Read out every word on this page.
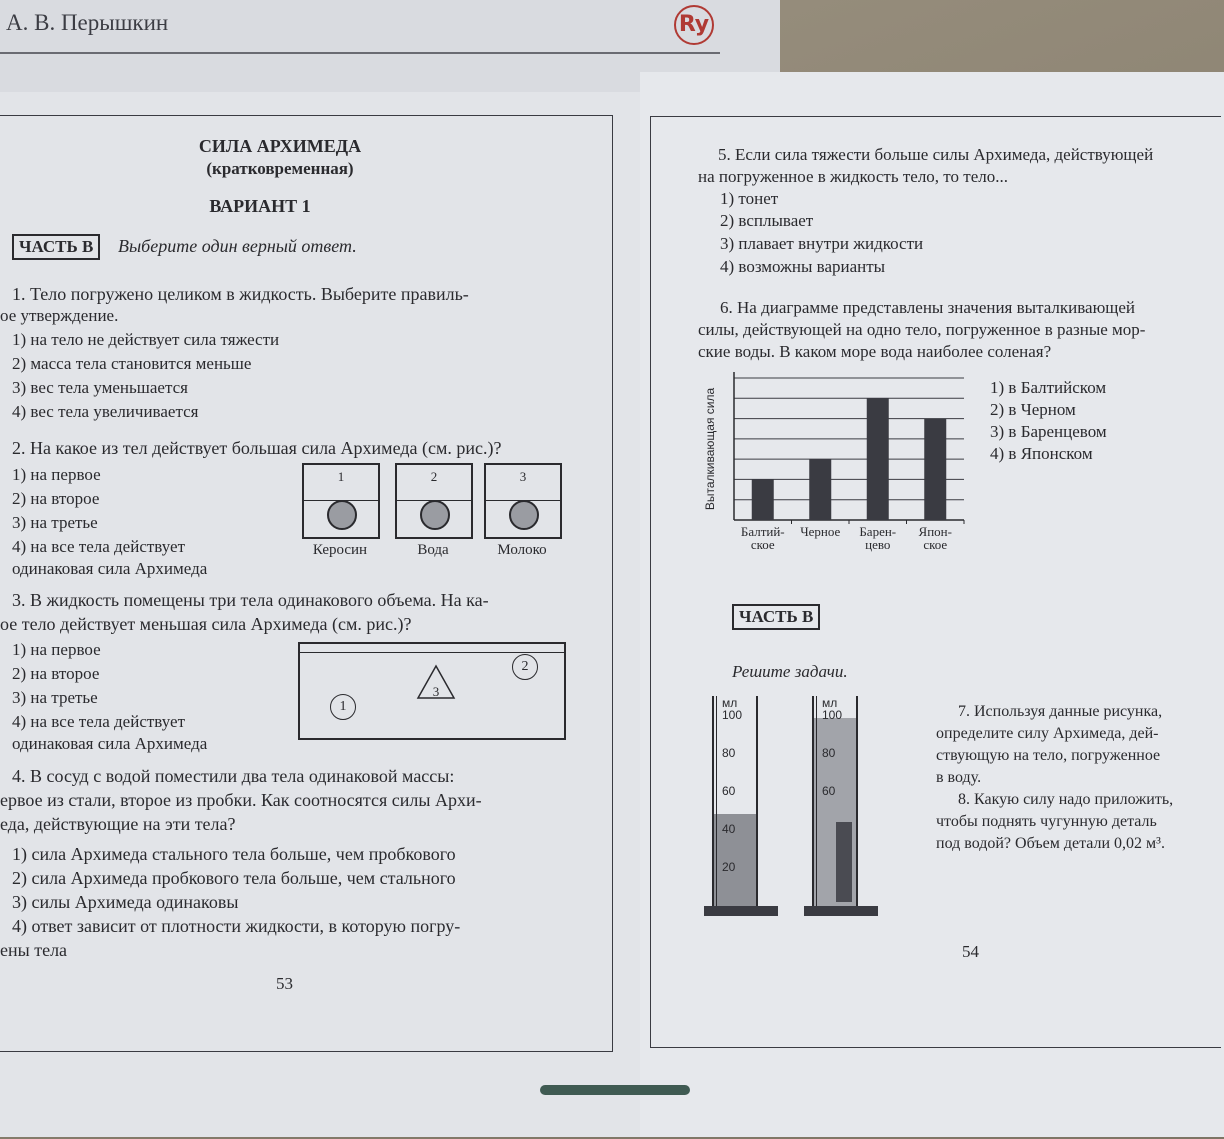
А. В. Перышкин	Ry
СИЛА АРХИМЕДА
(кратковременная)
ВАРИАНТ 1
ЧАСТЬ В	Выберите один верный ответ.
1. Тело погружено целиком в жидкость. Выберите правиль-
ое утверждение.
1) на тело не действует сила тяжести
2) масса тела становится меньше
3) вес тела уменьшается
4) вес тела увеличивается
2. На какое из тел действует большая сила Архимеда (см. рис.)?
1) на первое
2) на второе
3) на третье
4) на все тела действует
одинаковая сила Архимеда
1	2	3
Керосин	Вода	Молоко
3. В жидкость помещены три тела одинакового объема. На ка-
ое тело действует меньшая сила Архимеда (см. рис.)?
1) на первое
2) на второе
3) на третье
4) на все тела действует
одинаковая сила Архимеда
1
2
3
4. В сосуд с водой поместили два тела одинаковой массы:
ервое из стали, второе из пробки. Как соотносятся силы Архи-
еда, действующие на эти тела?
1) сила Архимеда стального тела больше, чем пробкового
2) сила Архимеда пробкового тела больше, чем стального
3) силы Архимеда одинаковы
4) ответ зависит от плотности жидкости, в которую погру-
ены тела
53
5. Если сила тяжести больше силы Архимеда, действующей
на погруженное в жидкость тело, то тело...
1) тонет
2) всплывает
3) плавает внутри жидкости
4) возможны варианты
6. На диаграмме представлены значения выталкивающей
силы, действующей на одно тело, погруженное в разные мор-
ские воды. В каком море вода наиболее соленая?
1) в Балтийском
2) в Черном
3) в Баренцевом
4) в Японском
Балтий-
ское
Черное Барен-
цево
Япон-
ское
Выталкивающая сила
ЧАСТЬ В
Решите задачи.
мл
100
80
60
40
20
мл
100
80
60
7. Используя данные рисунка,
определите силу Архимеда, дей-
ствующую на тело, погруженное
в воду.
8. Какую силу надо приложить,
чтобы поднять чугунную деталь
под водой? Объем детали 0,02 м³.
54
